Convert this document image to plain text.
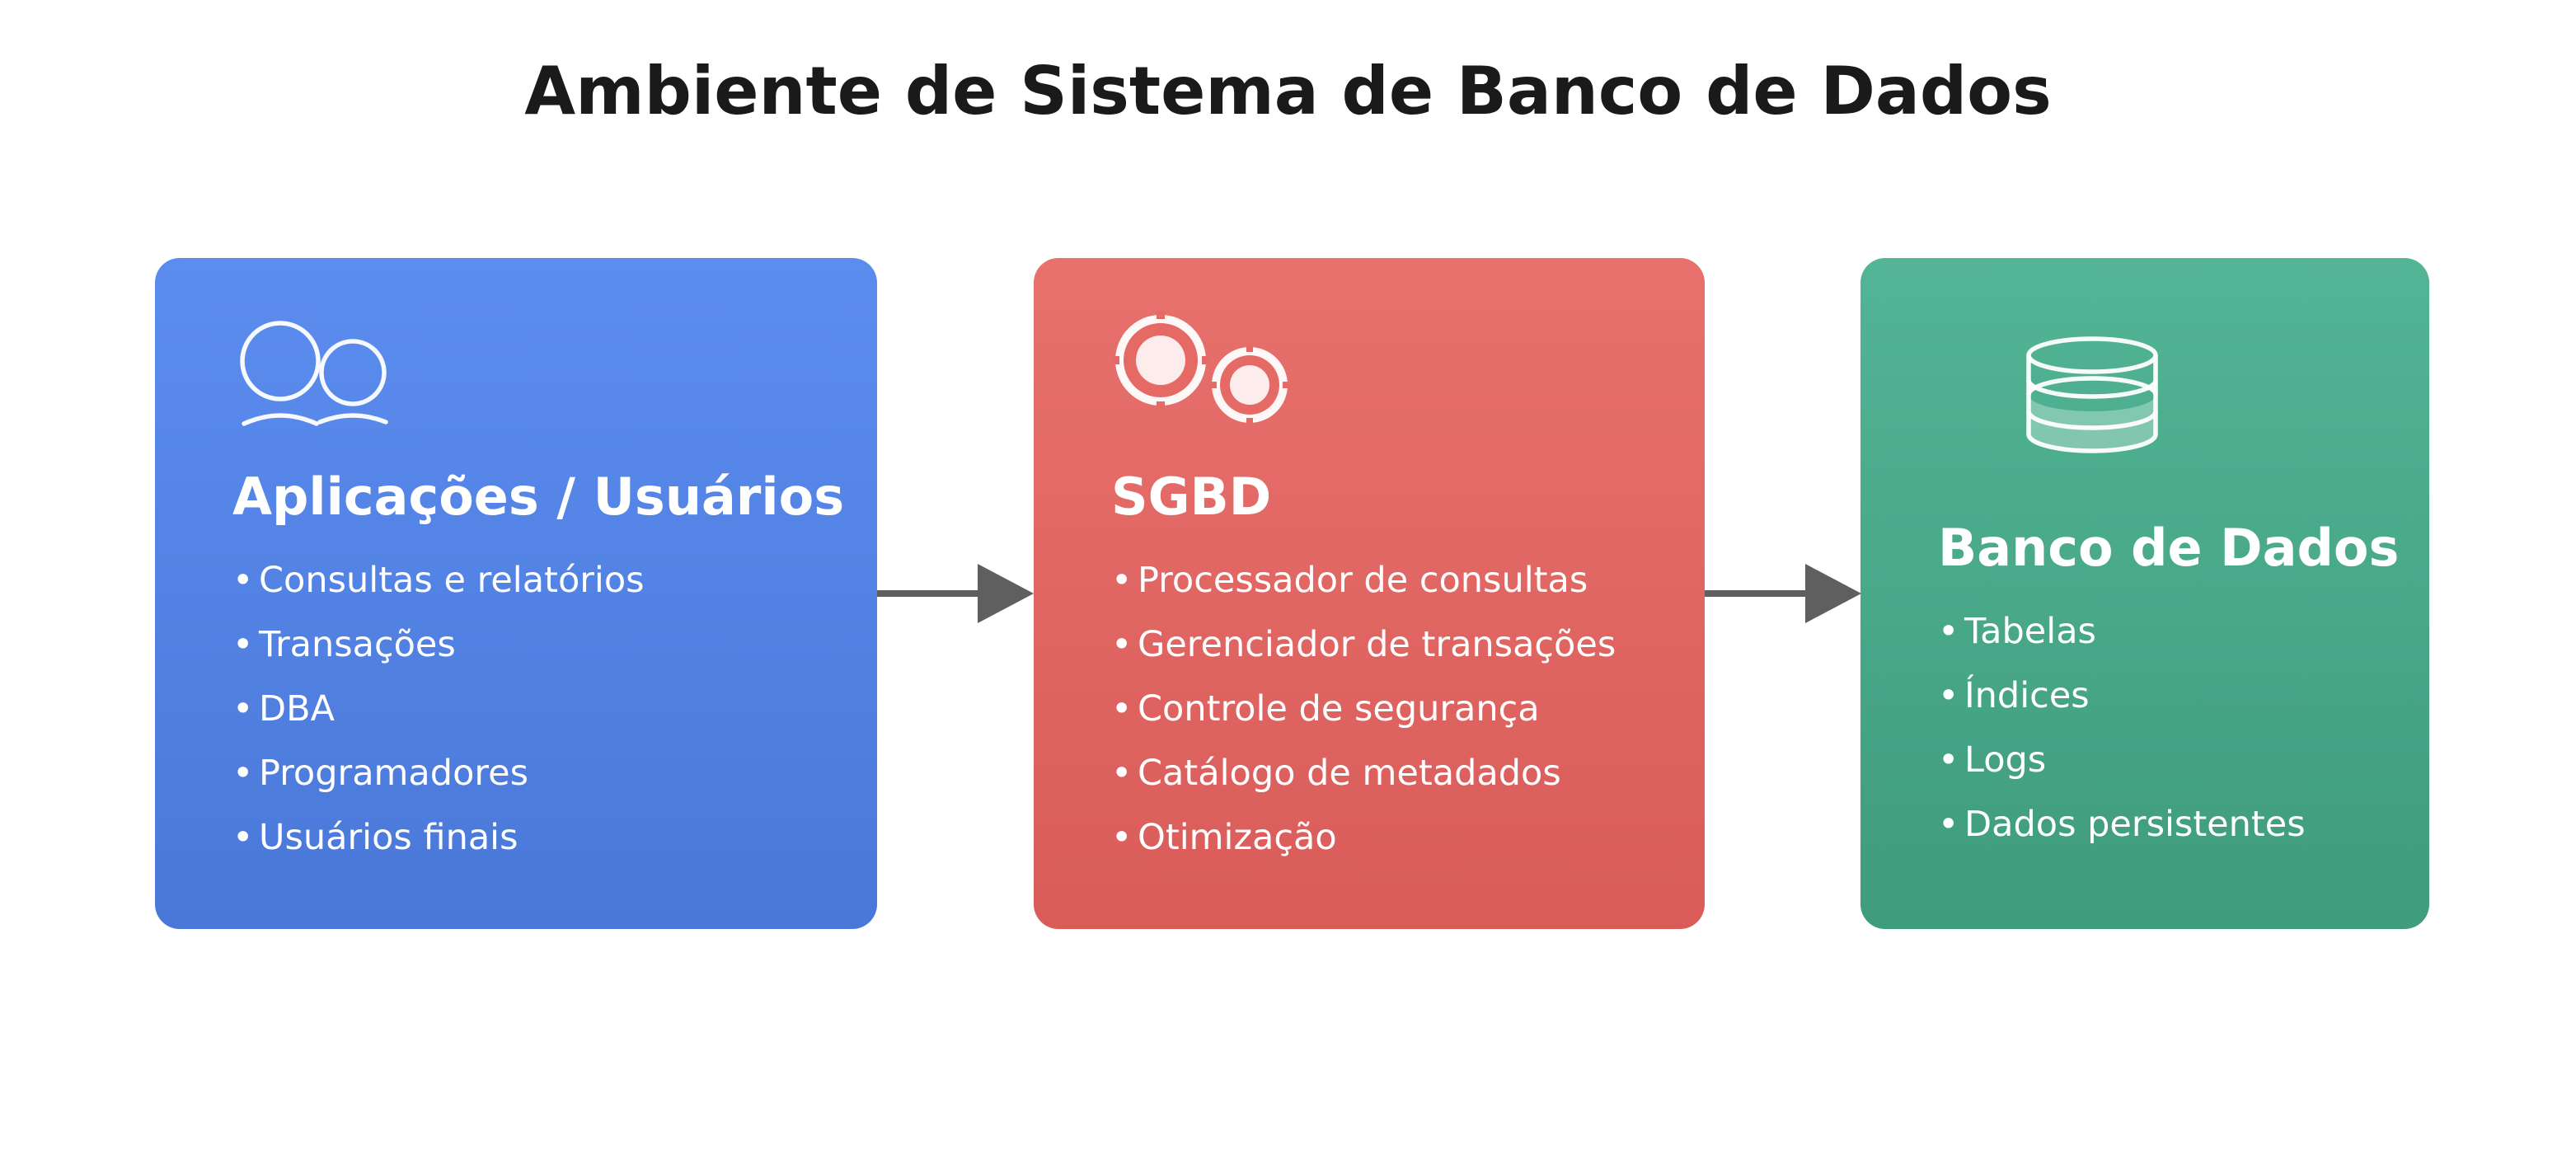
Ambiente de Sistema de Banco de Dados
Aplicações / Usuários
• Consultas e relatórios
• Transações
• DBA
• Programadores
• Usuários finais
SGBD
• Processador de consultas
• Gerenciador de transações
• Controle de segurança
• Catálogo de metadados
• Otimização
Banco de Dados
• Tabelas
• Índices
• Logs
• Dados persistentes
